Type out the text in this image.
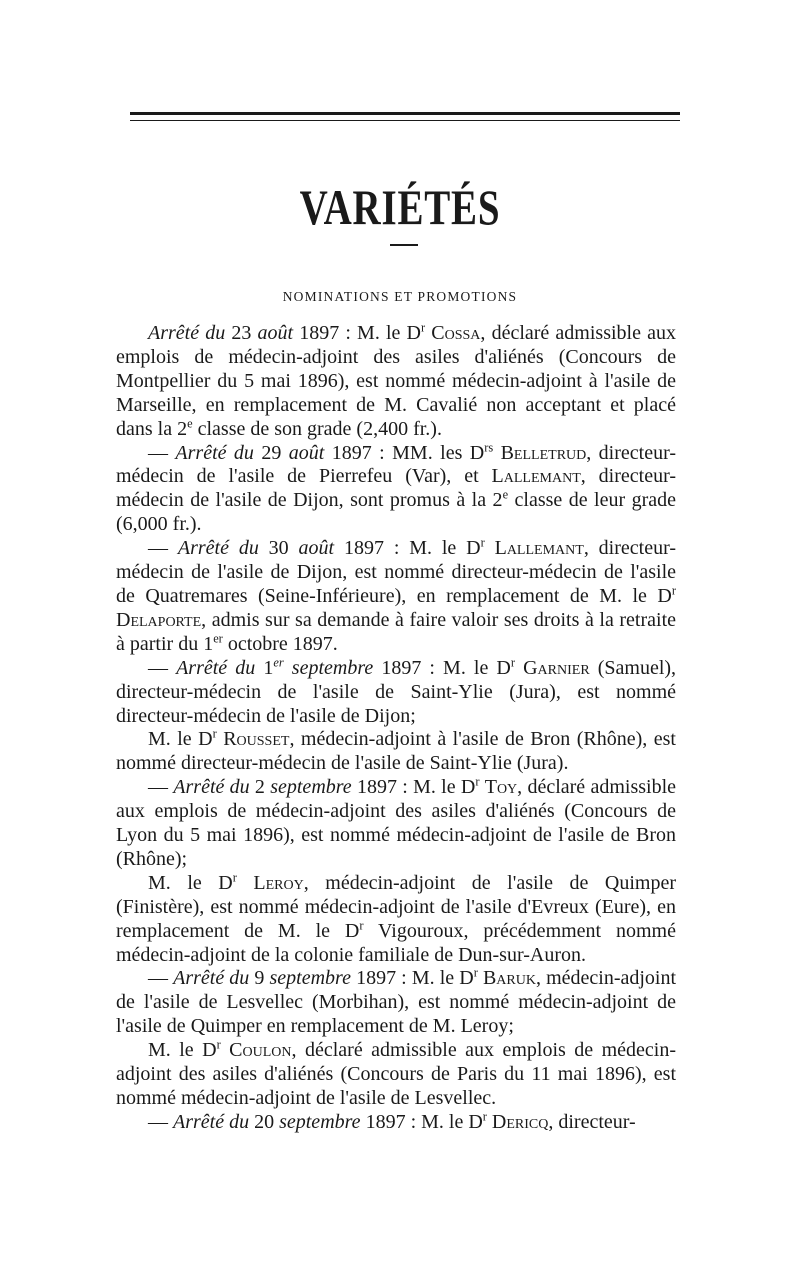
VARIÉTÉS
NOMINATIONS ET PROMOTIONS

Arrêté du 23 août 1897 : M. le $D^r$ Cossa, déclaré admissible aux emplois de médecin-adjoint des asiles d'aliénés (Concours de Montpellier du 5 mai 1896), est nommé médecin-adjoint à l'asile de Marseille, en remplacement de M. Cavalié non acceptant et placé dans la 2e classe de son grade (2,400 fr.).

— Arrêté du 29 août 1897 : MM. les $D^{rs}$ Belletrud, directeur-médecin de l'asile de Pierrefeu (Var), et Lallemant, directeur-médecin de l'asile de Dijon, sont promus à la 2e classe de leur grade (6,000 fr.).

— Arrêté du 30 août 1897 : M. le $D^r$ Lallemant, directeur-médecin de l'asile de Dijon, est nommé directeur-médecin de l'asile de Quatremares (Seine-Inférieure), en remplacement de M. le $D^r$ Delaporte, admis sur sa demande à faire valoir ses droits à la retraite à partir du 1er octobre 1897.

— Arrêté du 1er septembre 1897 : M. le $D^r$ Garnier (Samuel), directeur-médecin de l'asile de Saint-Ylie (Jura), est nommé directeur-médecin de l'asile de Dijon;

M. le $D^r$ Rousset, médecin-adjoint à l'asile de Bron (Rhône), est nommé directeur-médecin de l'asile de Saint-Ylie (Jura).

— Arrêté du 2 septembre 1897 : M. le $D^r$ Toy, déclaré admissible aux emplois de médecin-adjoint des asiles d'aliénés (Concours de Lyon du 5 mai 1896), est nommé médecin-adjoint de l'asile de Bron (Rhône);

M. le $D^r$ Leroy, médecin-adjoint de l'asile de Quimper (Finistère), est nommé médecin-adjoint de l'asile d'Evreux (Eure), en remplacement de M. le $D^r$ Vigouroux, précédemment nommé médecin-adjoint de la colonie familiale de Dun-sur-Auron.

— Arrêté du 9 septembre 1897 : M. le $D^r$ Baruk, médecin-adjoint de l'asile de Lesvellec (Morbihan), est nommé médecin-adjoint de l'asile de Quimper en remplacement de M. Leroy;

M. le $D^r$ Coulon, déclaré admissible aux emplois de médecin-adjoint des asiles d'aliénés (Concours de Paris du 11 mai 1896), est nommé médecin-adjoint de l'asile de Lesvellec.

— Arrêté du 20 septembre 1897 : M. le $D^r$ Dericq, directeur-
